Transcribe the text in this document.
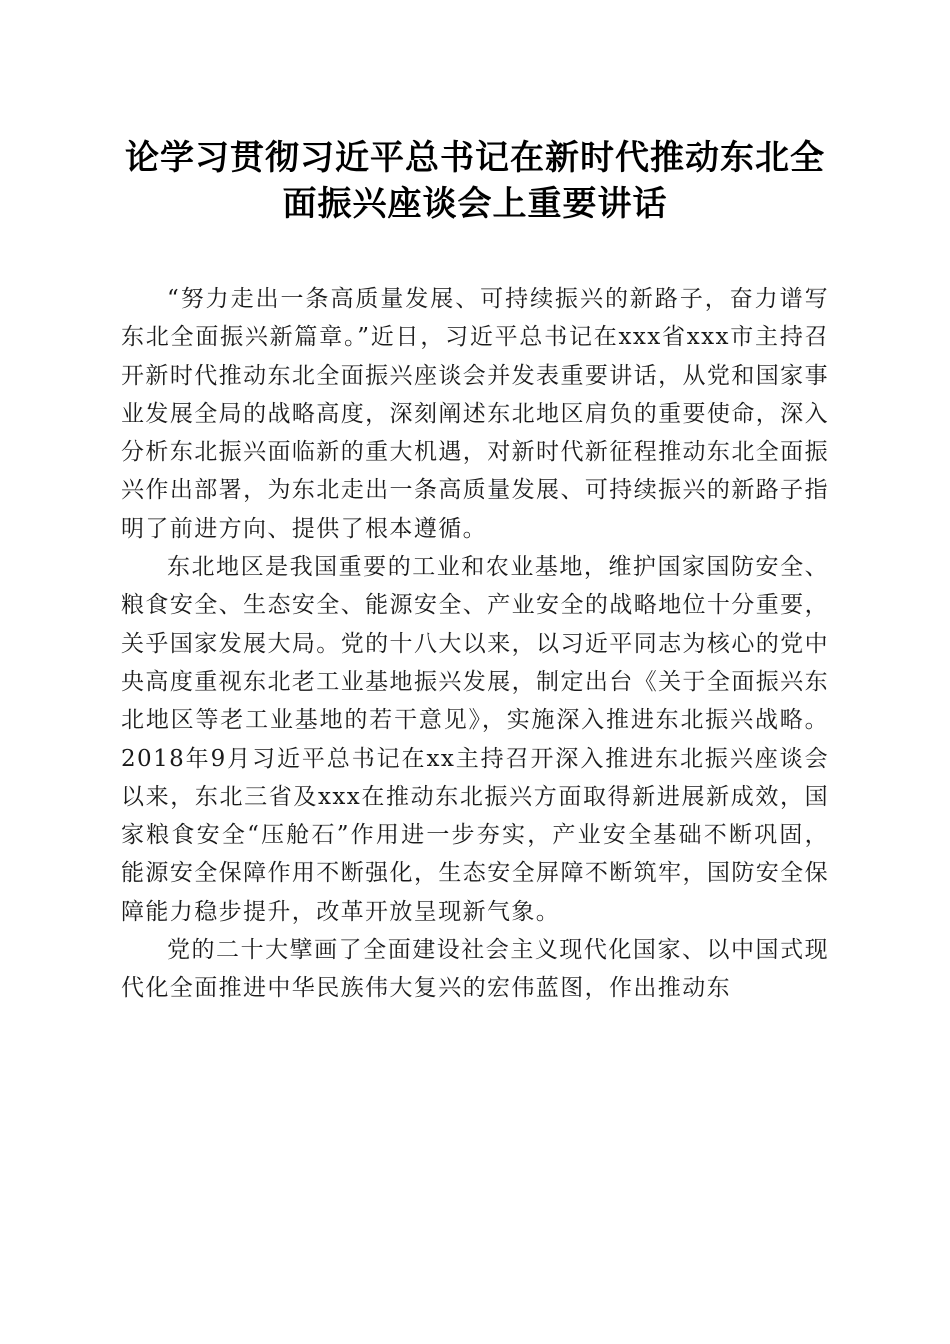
论学习贯彻习近平总书记在新时代推动东北全
面振兴座谈会上重要讲话

“努力走出一条高质量发展、可持续振兴的新路子，奋力谱写东北全面振兴新篇章。”近日，习近平总书记在xxx省xxx市主持召开新时代推动东北全面振兴座谈会并发表重要讲话，从党和国家事业发展全局的战略高度，深刻阐述东北地区肩负的重要使命，深入分析东北振兴面临新的重大机遇，对新时代新征程推动东北全面振兴作出部署，为东北走出一条高质量发展、可持续振兴的新路子指明了前进方向、提供了根本遵循。

东北地区是我国重要的工业和农业基地，维护国家国防安全、粮食安全、生态安全、能源安全、产业安全的战略地位十分重要，关乎国家发展大局。党的十八大以来，以习近平同志为核心的党中央高度重视东北老工业基地振兴发展，制定出台《关于全面振兴东北地区等老工业基地的若干意见》，实施深入推进东北振兴战略。2018年9月习近平总书记在xx主持召开深入推进东北振兴座谈会以来，东北三省及xxx在推动东北振兴方面取得新进展新成效，国家粮食安全“压舱石”作用进一步夯实，产业安全基础不断巩固，能源安全保障作用不断强化，生态安全屏障不断筑牢，国防安全保障能力稳步提升，改革开放呈现新气象。

党的二十大擘画了全面建设社会主义现代化国家、以中国式现代化全面推进中华民族伟大复兴的宏伟蓝图，作出推动东
